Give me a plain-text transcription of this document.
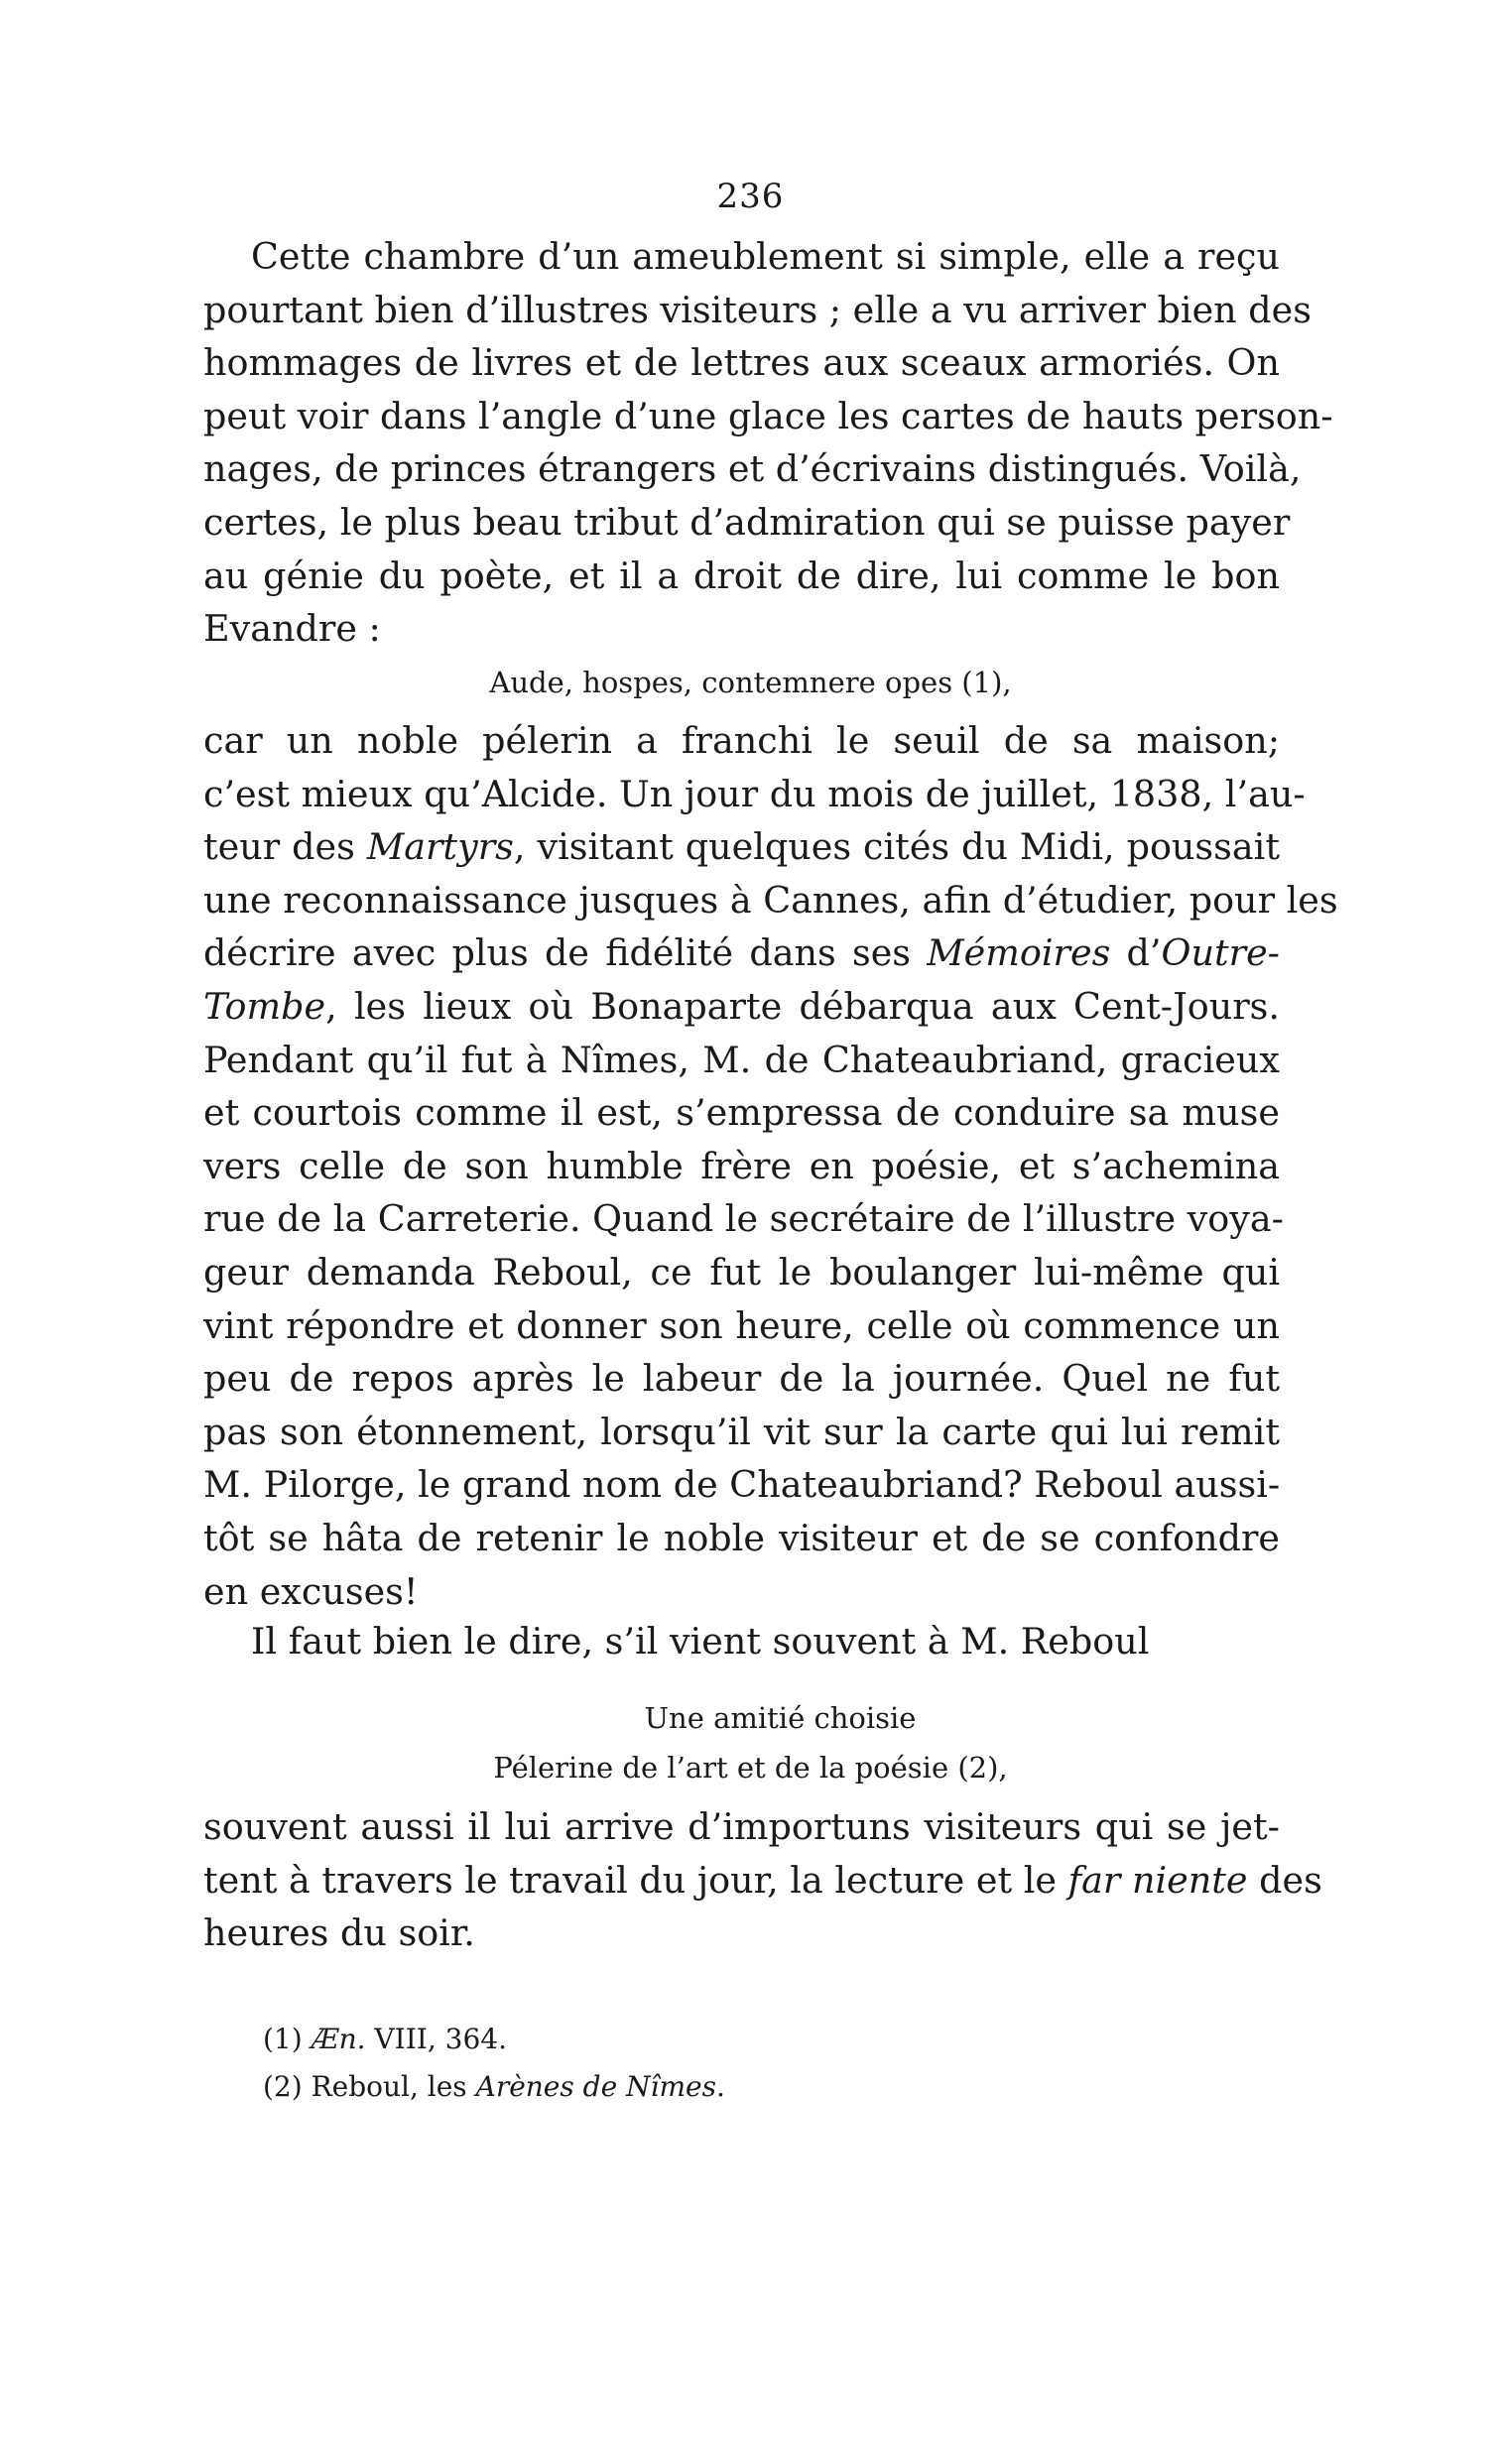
236
Cette chambre d’un ameublement si simple, elle a reçu
pourtant bien d’illustres visiteurs ; elle a vu arriver bien des
hommages de livres et de lettres aux sceaux armoriés. On
peut voir dans l’angle d’une glace les cartes de hauts person-
nages, de princes étrangers et d’écrivains distingués. Voilà,
certes, le plus beau tribut d’admiration qui se puisse payer
au génie du poète, et il a droit de dire, lui comme le bon
Evandre :
Aude, hospes, contemnere opes (1),
car un noble pélerin a franchi le seuil de sa maison;
c’est mieux qu’Alcide. Un jour du mois de juillet, 1838, l’au-
teur des Martyrs, visitant quelques cités du Midi, poussait
une reconnaissance jusques à Cannes, afin d’étudier, pour les
décrire avec plus de fidélité dans ses Mémoires d’Outre-
Tombe, les lieux où Bonaparte débarqua aux Cent-Jours.
Pendant qu’il fut à Nîmes, M. de Chateaubriand, gracieux
et courtois comme il est, s’empressa de conduire sa muse
vers celle de son humble frère en poésie, et s’achemina
rue de la Carreterie. Quand le secrétaire de l’illustre voya-
geur demanda Reboul, ce fut le boulanger lui-même qui
vint répondre et donner son heure, celle où commence un
peu de repos après le labeur de la journée. Quel ne fut
pas son étonnement, lorsqu’il vit sur la carte qui lui remit
M. Pilorge, le grand nom de Chateaubriand? Reboul aussi-
tôt se hâta de retenir le noble visiteur et de se confondre
en excuses!
Il faut bien le dire, s’il vient souvent à M. Reboul
Une amitié choisie
Pélerine de l’art et de la poésie (2),
souvent aussi il lui arrive d’importuns visiteurs qui se jet-
tent à travers le travail du jour, la lecture et le far niente des
heures du soir.
(1) Æn. VIII, 364.
(2) Reboul, les Arènes de Nîmes.
